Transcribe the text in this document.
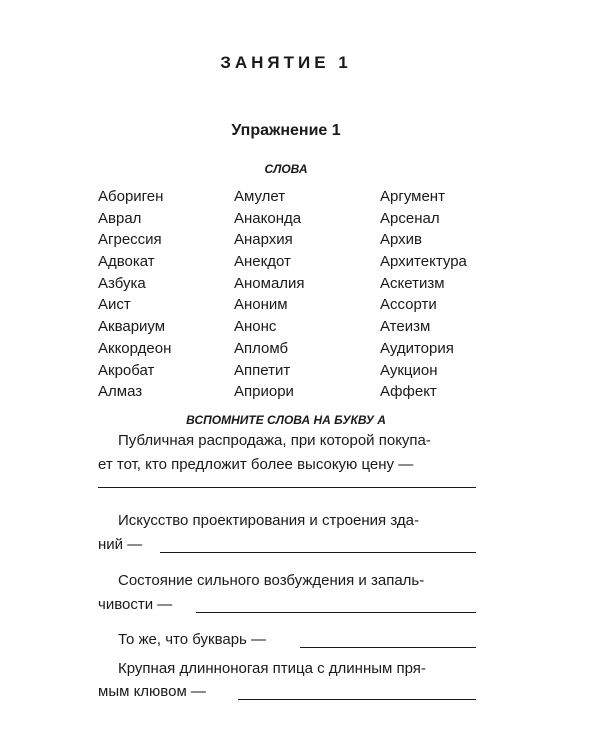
ЗАНЯТИЕ 1
Упражнение 1
СЛОВА
Абориген
Аврал
Агрессия
Адвокат
Азбука
Аист
Аквариум
Аккордеон
Акробат
Алмаз
Амулет
Анаконда
Анархия
Анекдот
Аномалия
Аноним
Анонс
Апломб
Аппетит
Априори
Аргумент
Арсенал
Архив
Архитектура
Аскетизм
Ассорти
Атеизм
Аудитория
Аукцион
Аффект
ВСПОМНИТЕ СЛОВА НА БУКВУ А
Публичная распродажа, при которой покупа-
ет тот, кто предложит более высокую цену —
Искусство проектирования и строения зда-
ний —
Состояние сильного возбуждения и запаль-
чивости —
То же, что букварь —
Крупная длинноногая птица с длинным пря-
мым клювом —
